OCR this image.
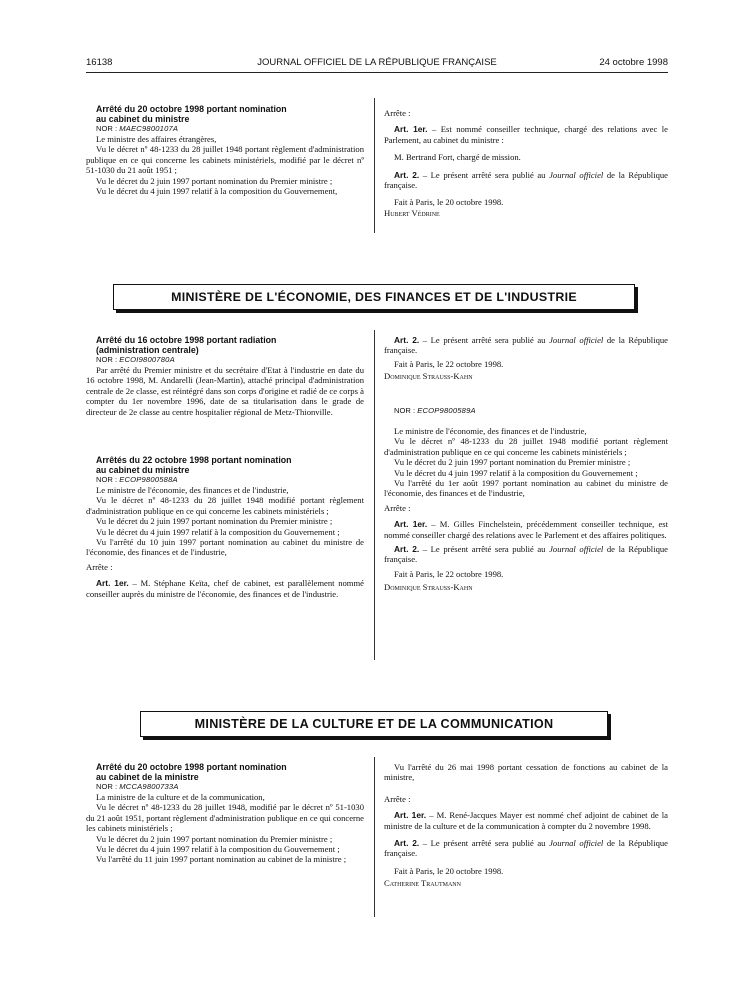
16138	JOURNAL OFFICIEL DE LA RÉPUBLIQUE FRANÇAISE	24 octobre 1998

Arrêté du 20 octobre 1998 portant nomination

au cabinet du ministre

NOR : MAEC9800107A

Le ministre des affaires étrangères,

Vu le décret nº 48-1233 du 28 juillet 1948 portant règlement d'administration publique en ce qui concerne les cabinets ministériels, modifié par le décret nº 51-1030 du 21 août 1951 ;

Vu le décret du 2 juin 1997 portant nomination du Premier ministre ;

Vu le décret du 4 juin 1997 relatif à la composition du Gouvernement,

Arrête :

Art. 1er. – Est nommé conseiller technique, chargé des relations avec le Parlement, au cabinet du ministre :

M. Bertrand Fort, chargé de mission.

Art. 2. – Le présent arrêté sera publié au Journal officiel de la République française.

Fait à Paris, le 20 octobre 1998.

Hubert Védrine

MINISTÈRE DE L'ÉCONOMIE, DES FINANCES ET DE L'INDUSTRIE

Arrêté du 16 octobre 1998 portant radiation

(administration centrale)

NOR : ECOI9800780A

Par arrêté du Premier ministre et du secrétaire d'Etat à l'industrie en date du 16 octobre 1998, M. Andarelli (Jean-Martin), attaché principal d'administration centrale de 2e classe, est réintégré dans son corps d'origine et radié de ce corps à compter du 1er novembre 1996, date de sa titularisation dans le grade de directeur de 2e classe au centre hospitalier régional de Metz-Thionville.

Arrêtés du 22 octobre 1998 portant nomination

au cabinet du ministre

NOR : ECOP9800588A

Le ministre de l'économie, des finances et de l'industrie,

Vu le décret nº 48-1233 du 28 juillet 1948 modifié portant règlement d'administration publique en ce qui concerne les cabinets ministériels ;

Vu le décret du 2 juin 1997 portant nomination du Premier ministre ;

Vu le décret du 4 juin 1997 relatif à la composition du Gouvernement ;

Vu l'arrêté du 10 juin 1997 portant nomination au cabinet du ministre de l'économie, des finances et de l'industrie,

Arrête :

Art. 1er. – M. Stéphane Keïta, chef de cabinet, est parallèlement nommé conseiller auprès du ministre de l'économie, des finances et de l'industrie.

Art. 2. – Le présent arrêté sera publié au Journal officiel de la République française.

Fait à Paris, le 22 octobre 1998.

Dominique Strauss-Kahn

NOR : ECOP9800589A

Le ministre de l'économie, des finances et de l'industrie,

Vu le décret nº 48-1233 du 28 juillet 1948 modifié portant règlement d'administration publique en ce qui concerne les cabinets ministériels ;

Vu le décret du 2 juin 1997 portant nomination du Premier ministre ;

Vu le décret du 4 juin 1997 relatif à la composition du Gouvernement ;

Vu l'arrêté du 1er août 1997 portant nomination au cabinet du ministre de l'économie, des finances et de l'industrie,

Arrête :

Art. 1er. – M. Gilles Finchelstein, précédemment conseiller technique, est nommé conseiller chargé des relations avec le Parlement et des affaires politiques.

Art. 2. – Le présent arrêté sera publié au Journal officiel de la République française.

Fait à Paris, le 22 octobre 1998.

Dominique Strauss-Kahn

MINISTÈRE DE LA CULTURE ET DE LA COMMUNICATION

Arrêté du 20 octobre 1998 portant nomination

au cabinet de la ministre

NOR : MCCA9800733A

La ministre de la culture et de la communication,

Vu le décret nº 48-1233 du 28 juillet 1948, modifié par le décret nº 51-1030 du 21 août 1951, portant règlement d'administration publique en ce qui concerne les cabinets ministériels ;

Vu le décret du 2 juin 1997 portant nomination du Premier ministre ;

Vu le décret du 4 juin 1997 relatif à la composition du Gouvernement ;

Vu l'arrêté du 11 juin 1997 portant nomination au cabinet de la ministre ;

Vu l'arrêté du 26 mai 1998 portant cessation de fonctions au cabinet de la ministre,

Arrête :

Art. 1er. – M. René-Jacques Mayer est nommé chef adjoint de cabinet de la ministre de la culture et de la communication à compter du 2 novembre 1998.

Art. 2. – Le présent arrêté sera publié au Journal officiel de la République française.

Fait à Paris, le 20 octobre 1998.

Catherine Trautmann
